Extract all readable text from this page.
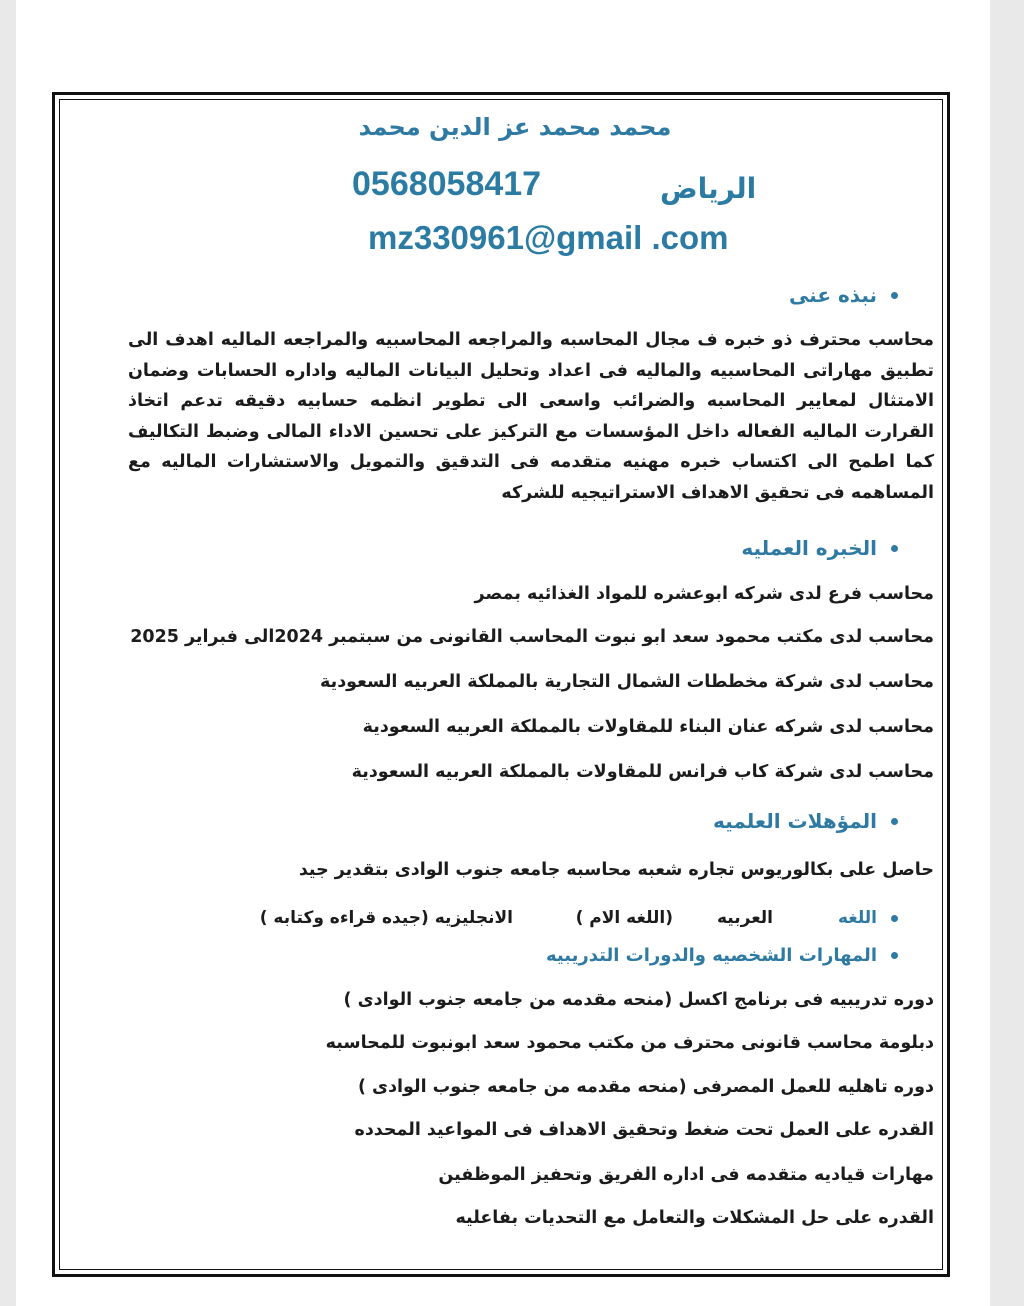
محمد محمد عز الدين محمد
0568058417	الرياض
mz330961@gmail .com
نبذه عنى
محاسب محترف ذو خبره ف مجال المحاسبه والمراجعه المحاسبيه والمراجعه الماليه اهدف الى تطبيق مهاراتى المحاسبيه والماليه فى اعداد وتحليل البيانات الماليه واداره الحسابات وضمان الامتثال لمعايير المحاسبه والضرائب واسعى الى تطوير انظمه حسابيه دقيقه تدعم اتخاذ القرارت الماليه الفعاله داخل المؤسسات مع التركيز على تحسين الاداء المالى وضبط التكاليف كما اطمح الى اكتساب خبره مهنيه متقدمه فى التدقيق والتمويل والاستشارات الماليه مع المساهمه فى تحقيق الاهداف الاستراتيجيه للشركه
الخبره العمليه
محاسب فرع لدى شركه ابوعشره للمواد الغذائيه بمصر
محاسب لدى مكتب محمود سعد ابو نبوت المحاسب القانونى من سبتمبر 2024الى فبراير 2025
محاسب لدى شركة مخططات الشمال التجارية بالمملكة العربيه السعودية
محاسب لدى شركه عنان البناء للمقاولات بالمملكة العربيه السعودية
محاسب لدى شركة كاب فرانس للمقاولات بالمملكة العربيه السعودية
المؤهلات العلميه
حاصل على بكالوريوس تجاره شعبه محاسبه جامعه جنوب الوادى بتقدير جيد
اللغه
العربيه
(اللغه الام )
الانجليزيه (جيده قراءه وكتابه )
المهارات الشخصيه والدورات التدريبيه
دوره تدريبيه فى برنامج اكسل (منحه مقدمه من جامعه جنوب الوادى )
دبلومة محاسب قانونى محترف من مكتب محمود سعد ابونبوت للمحاسبه
دوره تاهليه للعمل المصرفى (منحه مقدمه من جامعه جنوب الوادى )
القدره على العمل تحت ضغط وتحقيق الاهداف فى المواعيد المحدده
مهارات قياديه متقدمه فى اداره الفريق وتحفيز الموظفين
القدره على حل المشكلات والتعامل مع التحديات بفاعليه
